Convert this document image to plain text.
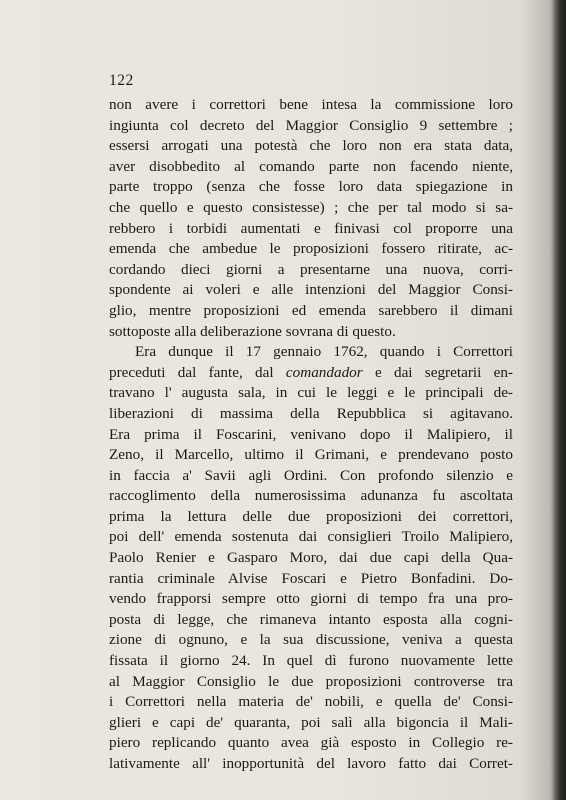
122
non avere i correttori bene intesa la commissione loro
ingiunta col decreto del Maggior Consiglio 9 settembre ;
essersi arrogati una potestà che loro non era stata data,
aver disobbedito al comando parte non facendo niente,
parte troppo (senza che fosse loro data spiegazione in
che quello e questo consistesse) ; che per tal modo si sa-
rebbero i torbidi aumentati e finivasi col proporre una
emenda che ambedue le proposizioni fossero ritirate, ac-
cordando dieci giorni a presentarne una nuova, corri-
spondente ai voleri e alle intenzioni del Maggior Consi-
glio, mentre proposizioni ed emenda sarebbero il dimani
sottoposte alla deliberazione sovrana di questo.
Era dunque il 17 gennaio 1762, quando i Correttori
preceduti dal fante, dal comandador e dai segretarii en-
travano l' augusta sala, in cui le leggi e le principali de-
liberazioni di massima della Repubblica si agitavano.
Era prima il Foscarini, venivano dopo il Malipiero, il
Zeno, il Marcello, ultimo il Grimani, e prendevano posto
in faccia a' Savii agli Ordini. Con profondo silenzio e
raccoglimento della numerosissima adunanza fu ascoltata
prima la lettura delle due proposizioni dei correttori,
poi dell' emenda sostenuta dai consiglieri Troilo Malipiero,
Paolo Renier e Gasparo Moro, dai due capi della Qua-
rantia criminale Alvise Foscari e Pietro Bonfadini. Do-
vendo frapporsi sempre otto giorni di tempo fra una pro-
posta di legge, che rimaneva intanto esposta alla cogni-
zione di ognuno, e la sua discussione, veniva a questa
fissata il giorno 24. In quel dì furono nuovamente lette
al Maggior Consiglio le due proposizioni controverse tra
i Correttori nella materia de' nobili, e quella de' Consi-
glieri e capi de' quaranta, poi salì alla bigoncia il Mali-
piero replicando quanto avea già esposto in Collegio re-
lativamente all' inopportunità del lavoro fatto dai Corret-
